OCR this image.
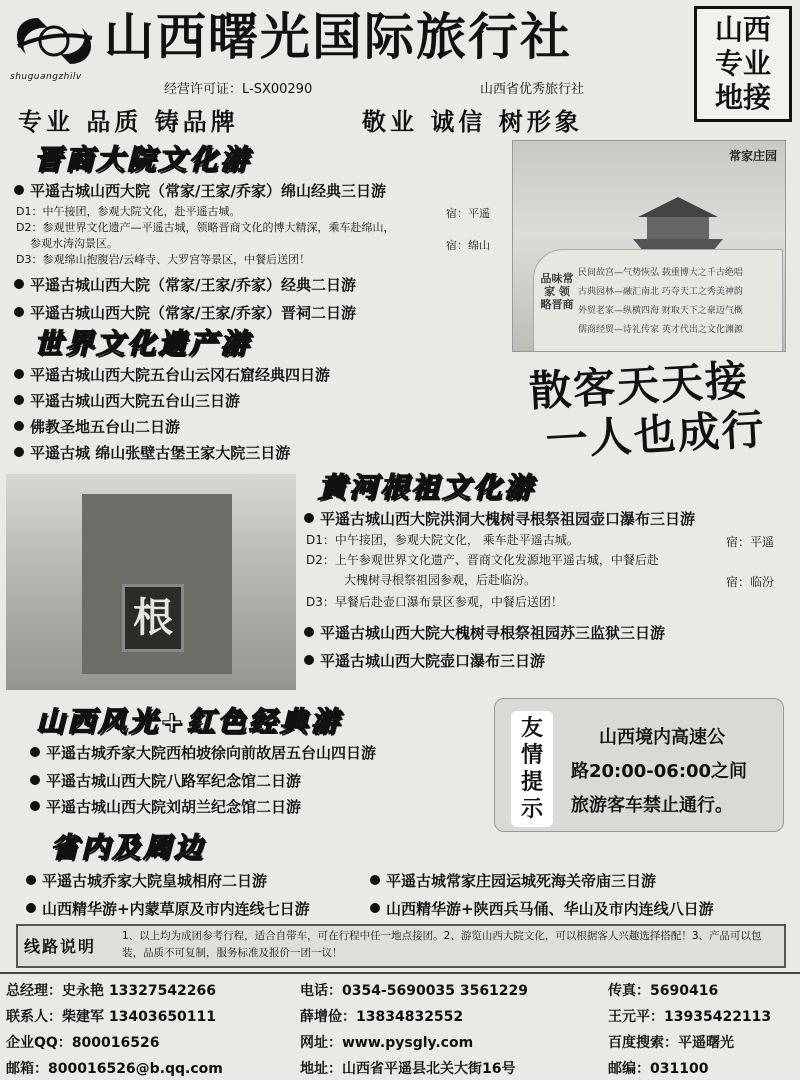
shuguangzhilv
山西曙光国际旅行社
经营许可证：L-SX00290	山西省优秀旅行社
山西
专业
地接
专业 品质 铸品牌	敬业 诚信 树形象
晋商大院文化游
平遥古城山西大院（常家/王家/乔家）绵山经典三日游
D1：中午接团，参观大院文化，赴平遥古城。	宿：平遥
D2：参观世界文化遗产—平遥古城，领略晋商文化的博大精深，乘车赴绵山，
参观水涛沟景区。	宿：绵山
D3：参观绵山抱腹岩/云峰寺、大罗宫等景区，中餐后送团！
平遥古城山西大院（常家/王家/乔家）经典二日游
平遥古城山西大院（常家/王家/乔家）晋祠二日游
常家庄园
品味常家 领略晋商
民间故宫—气势恢弘 载重博大之千古绝唱
古典园林—融汇南北 巧夺天工之秀美神韵
外贸老家—纵横四海 财取天下之豪迈气概
儒商经贸—诗礼传家 英才代出之文化渊源
世界文化遗产游
平遥古城山西大院五台山云冈石窟经典四日游
平遥古城山西大院五台山三日游
佛教圣地五台山二日游
平遥古城 绵山张壁古堡王家大院三日游
散客天天接
一人也成行
根
黄河根祖文化游
平遥古城山西大院洪洞大槐树寻根祭祖园壶口瀑布三日游
D1：中午接团，参观大院文化， 乘车赴平遥古城。	宿：平遥
D2：上午参观世界文化遗产、晋商文化发源地平遥古城，中餐后赴
大槐树寻根祭祖园参观，后赴临汾。	宿：临汾
D3：早餐后赴壶口瀑布景区参观，中餐后送团！
平遥古城山西大院大槐树寻根祭祖园苏三监狱三日游
平遥古城山西大院壶口瀑布三日游
山西风光+红色经典游
平遥古城乔家大院西柏坡徐向前故居五台山四日游
平遥古城山西大院八路军纪念馆二日游
平遥古城山西大院刘胡兰纪念馆二日游
友
情
提
示
山西境内高速公
路20:00-06:00之间
旅游客车禁止通行。
省内及周边
平遥古城乔家大院皇城相府二日游
山西精华游+内蒙草原及市内连线七日游
平遥古城常家庄园运城死海关帝庙三日游
山西精华游+陕西兵马俑、华山及市内连线八日游
线路说明
1、以上均为成团参考行程，适合自带车，可在行程中任一地点接团。2、游览山西大院文化，可以根据客人兴趣选择搭配！3、产品可以包装，品质不可复制，服务标准及报价一团一议！
总经理：史永艳 13327542266
联系人：柴建军 13403650111
企业QQ：800016526
邮箱：800016526@b.qq.com
电话：0354-5690035 3561229
薛增俭：13834832552
网址：www.pysgly.com
地址：山西省平遥县北关大街16号
传真：5690416
王元平：13935422113
百度搜索：平遥曙光
邮编：031100
